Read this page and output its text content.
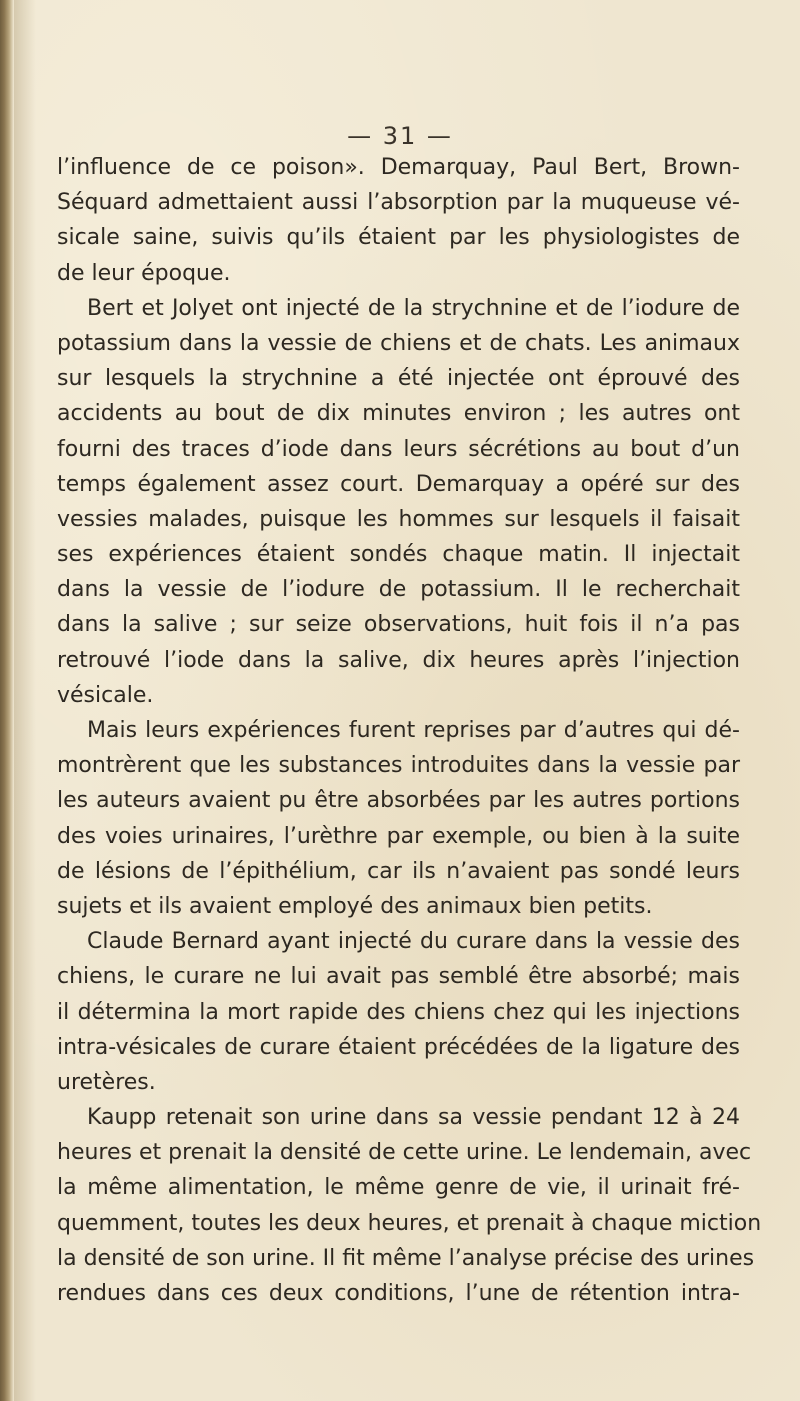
— 31 —
l’influence de ce poison». Demarquay, Paul Bert, Brown-
Séquard admettaient aussi l’absorption par la muqueuse vé-
sicale saine, suivis qu’ils étaient par les physiologistes de
de leur époque.
Bert et Jolyet ont injecté de la strychnine et de l’iodure de
potassium dans la vessie de chiens et de chats. Les animaux
sur lesquels la strychnine a été injectée ont éprouvé des
accidents au bout de dix minutes environ ; les autres ont
fourni des traces d’iode dans leurs sécrétions au bout d’un
temps également assez court. Demarquay a opéré sur des
vessies malades, puisque les hommes sur lesquels il faisait
ses expériences étaient sondés chaque matin. Il injectait
dans la vessie de l’iodure de potassium. Il le recherchait
dans la salive ; sur seize observations, huit fois il n’a pas
retrouvé l’iode dans la salive, dix heures après l’injection
vésicale.
Mais leurs expériences furent reprises par d’autres qui dé-
montrèrent que les substances introduites dans la vessie par
les auteurs avaient pu être absorbées par les autres portions
des voies urinaires, l’urèthre par exemple, ou bien à la suite
de lésions de l’épithélium, car ils n’avaient pas sondé leurs
sujets et ils avaient employé des animaux bien petits.
Claude Bernard ayant injecté du curare dans la vessie des
chiens, le curare ne lui avait pas semblé être absorbé; mais
il détermina la mort rapide des chiens chez qui les injections
intra-vésicales de curare étaient précédées de la ligature des
uretères.
Kaupp retenait son urine dans sa vessie pendant 12 à 24
heures et prenait la densité de cette urine. Le lendemain, avec
la même alimentation, le même genre de vie, il urinait fré-
quemment, toutes les deux heures, et prenait à chaque miction
la densité de son urine. Il fit même l’analyse précise des urines
rendues dans ces deux conditions, l’une de rétention intra-
